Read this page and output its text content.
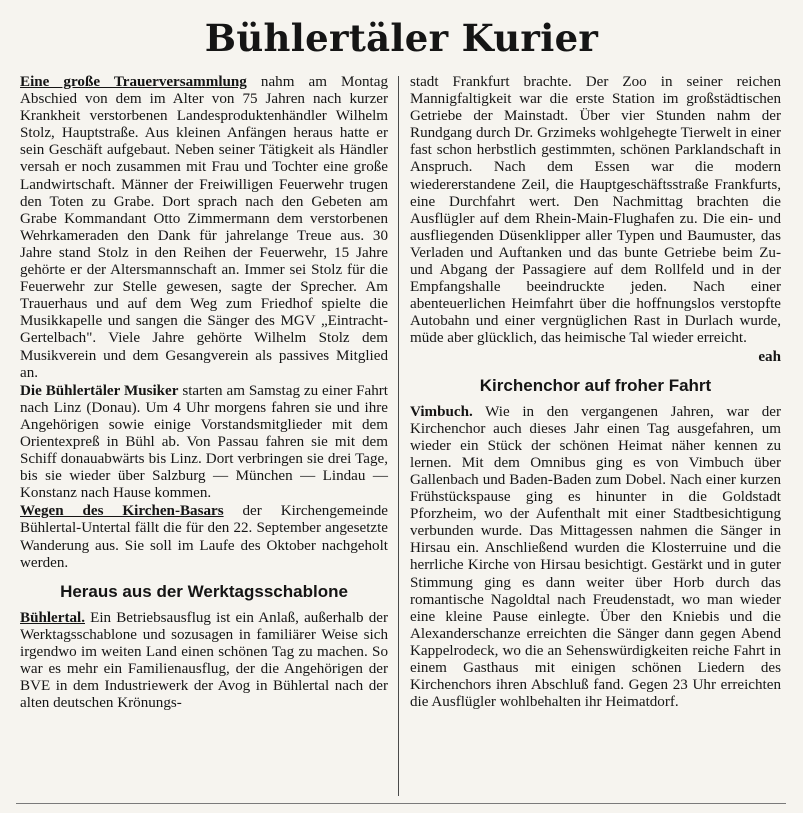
Bühlertäler Kurier

Eine große Trauerversammlung nahm am Montag Abschied von dem im Alter von 75 Jahren nach kurzer Krankheit verstorbenen Landesproduktenhändler Wilhelm Stolz, Hauptstraße. Aus kleinen Anfängen heraus hatte er sein Geschäft aufgebaut. Neben seiner Tätigkeit als Händler versah er noch zusammen mit Frau und Tochter eine große Landwirtschaft. Männer der Freiwilligen Feuerwehr trugen den Toten zu Grabe. Dort sprach nach den Gebeten am Grabe Kommandant Otto Zimmermann dem verstorbenen Wehrkameraden den Dank für jahrelange Treue aus. 30 Jahre stand Stolz in den Reihen der Feuerwehr, 15 Jahre gehörte er der Altersmannschaft an. Immer sei Stolz für die Feuerwehr zur Stelle gewesen, sagte der Sprecher. Am Trauerhaus und auf dem Weg zum Friedhof spielte die Musikkapelle und sangen die Sänger des MGV „Eintracht-Gertelbach". Viele Jahre gehörte Wilhelm Stolz dem Musikverein und dem Gesangverein als passives Mitglied an.

Die Bühlertäler Musiker starten am Samstag zu einer Fahrt nach Linz (Donau). Um 4 Uhr morgens fahren sie und ihre Angehörigen sowie einige Vorstandsmitglieder mit dem Orientexpreß in Bühl ab. Von Passau fahren sie mit dem Schiff donauabwärts bis Linz. Dort verbringen sie drei Tage, bis sie wieder über Salzburg — München — Lindau — Konstanz nach Hause kommen.

Wegen des Kirchen-Basars der Kirchengemeinde Bühlertal-Untertal fällt die für den 22. September angesetzte Wanderung aus. Sie soll im Laufe des Oktober nachgeholt werden.

Heraus aus der Werktagsschablone

Bühlertal. Ein Betriebsausflug ist ein Anlaß, außerhalb der Werktagsschablone und sozusagen in familiärer Weise sich irgendwo im weiten Land einen schönen Tag zu machen. So war es mehr ein Familienausflug, der die Angehörigen der BVE in dem Industriewerk der Avog in Bühlertal nach der alten deutschen Krönungs-

stadt Frankfurt brachte. Der Zoo in seiner reichen Mannigfaltigkeit war die erste Station im großstädtischen Getriebe der Mainstadt. Über vier Stunden nahm der Rundgang durch Dr. Grzimeks wohlgehegte Tierwelt in einer fast schon herbstlich gestimmten, schönen Parklandschaft in Anspruch. Nach dem Essen war die modern wiedererstandene Zeil, die Hauptgeschäftsstraße Frankfurts, eine Durchfahrt wert. Den Nachmittag brachten die Ausflügler auf dem Rhein-Main-Flughafen zu. Die ein- und ausfliegenden Düsenklipper aller Typen und Baumuster, das Verladen und Auftanken und das bunte Getriebe beim Zu- und Abgang der Passagiere auf dem Rollfeld und in der Empfangshalle beeindruckte jeden. Nach einer abenteuerlichen Heimfahrt über die hoffnungslos verstopfte Autobahn und einer vergnüglichen Rast in Durlach wurde, müde aber glücklich, das heimische Tal wieder erreicht.

eah

Kirchenchor auf froher Fahrt

Vimbuch. Wie in den vergangenen Jahren, war der Kirchenchor auch dieses Jahr einen Tag ausgefahren, um wieder ein Stück der schönen Heimat näher kennen zu lernen. Mit dem Omnibus ging es von Vimbuch über Gallenbach und Baden-Baden zum Dobel. Nach einer kurzen Frühstückspause ging es hinunter in die Goldstadt Pforzheim, wo der Aufenthalt mit einer Stadtbesichtigung verbunden wurde. Das Mittagessen nahmen die Sänger in Hirsau ein. Anschließend wurden die Klosterruine und die herrliche Kirche von Hirsau besichtigt. Gestärkt und in guter Stimmung ging es dann weiter über Horb durch das romantische Nagoldtal nach Freudenstadt, wo man wieder eine kleine Pause einlegte. Über den Kniebis und die Alexanderschanze erreichten die Sänger dann gegen Abend Kappelrodeck, wo die an Sehenswürdigkeiten reiche Fahrt in einem Gasthaus mit einigen schönen Liedern des Kirchenchors ihren Abschluß fand. Gegen 23 Uhr erreichten die Ausflügler wohlbehalten ihr Heimatdorf.
